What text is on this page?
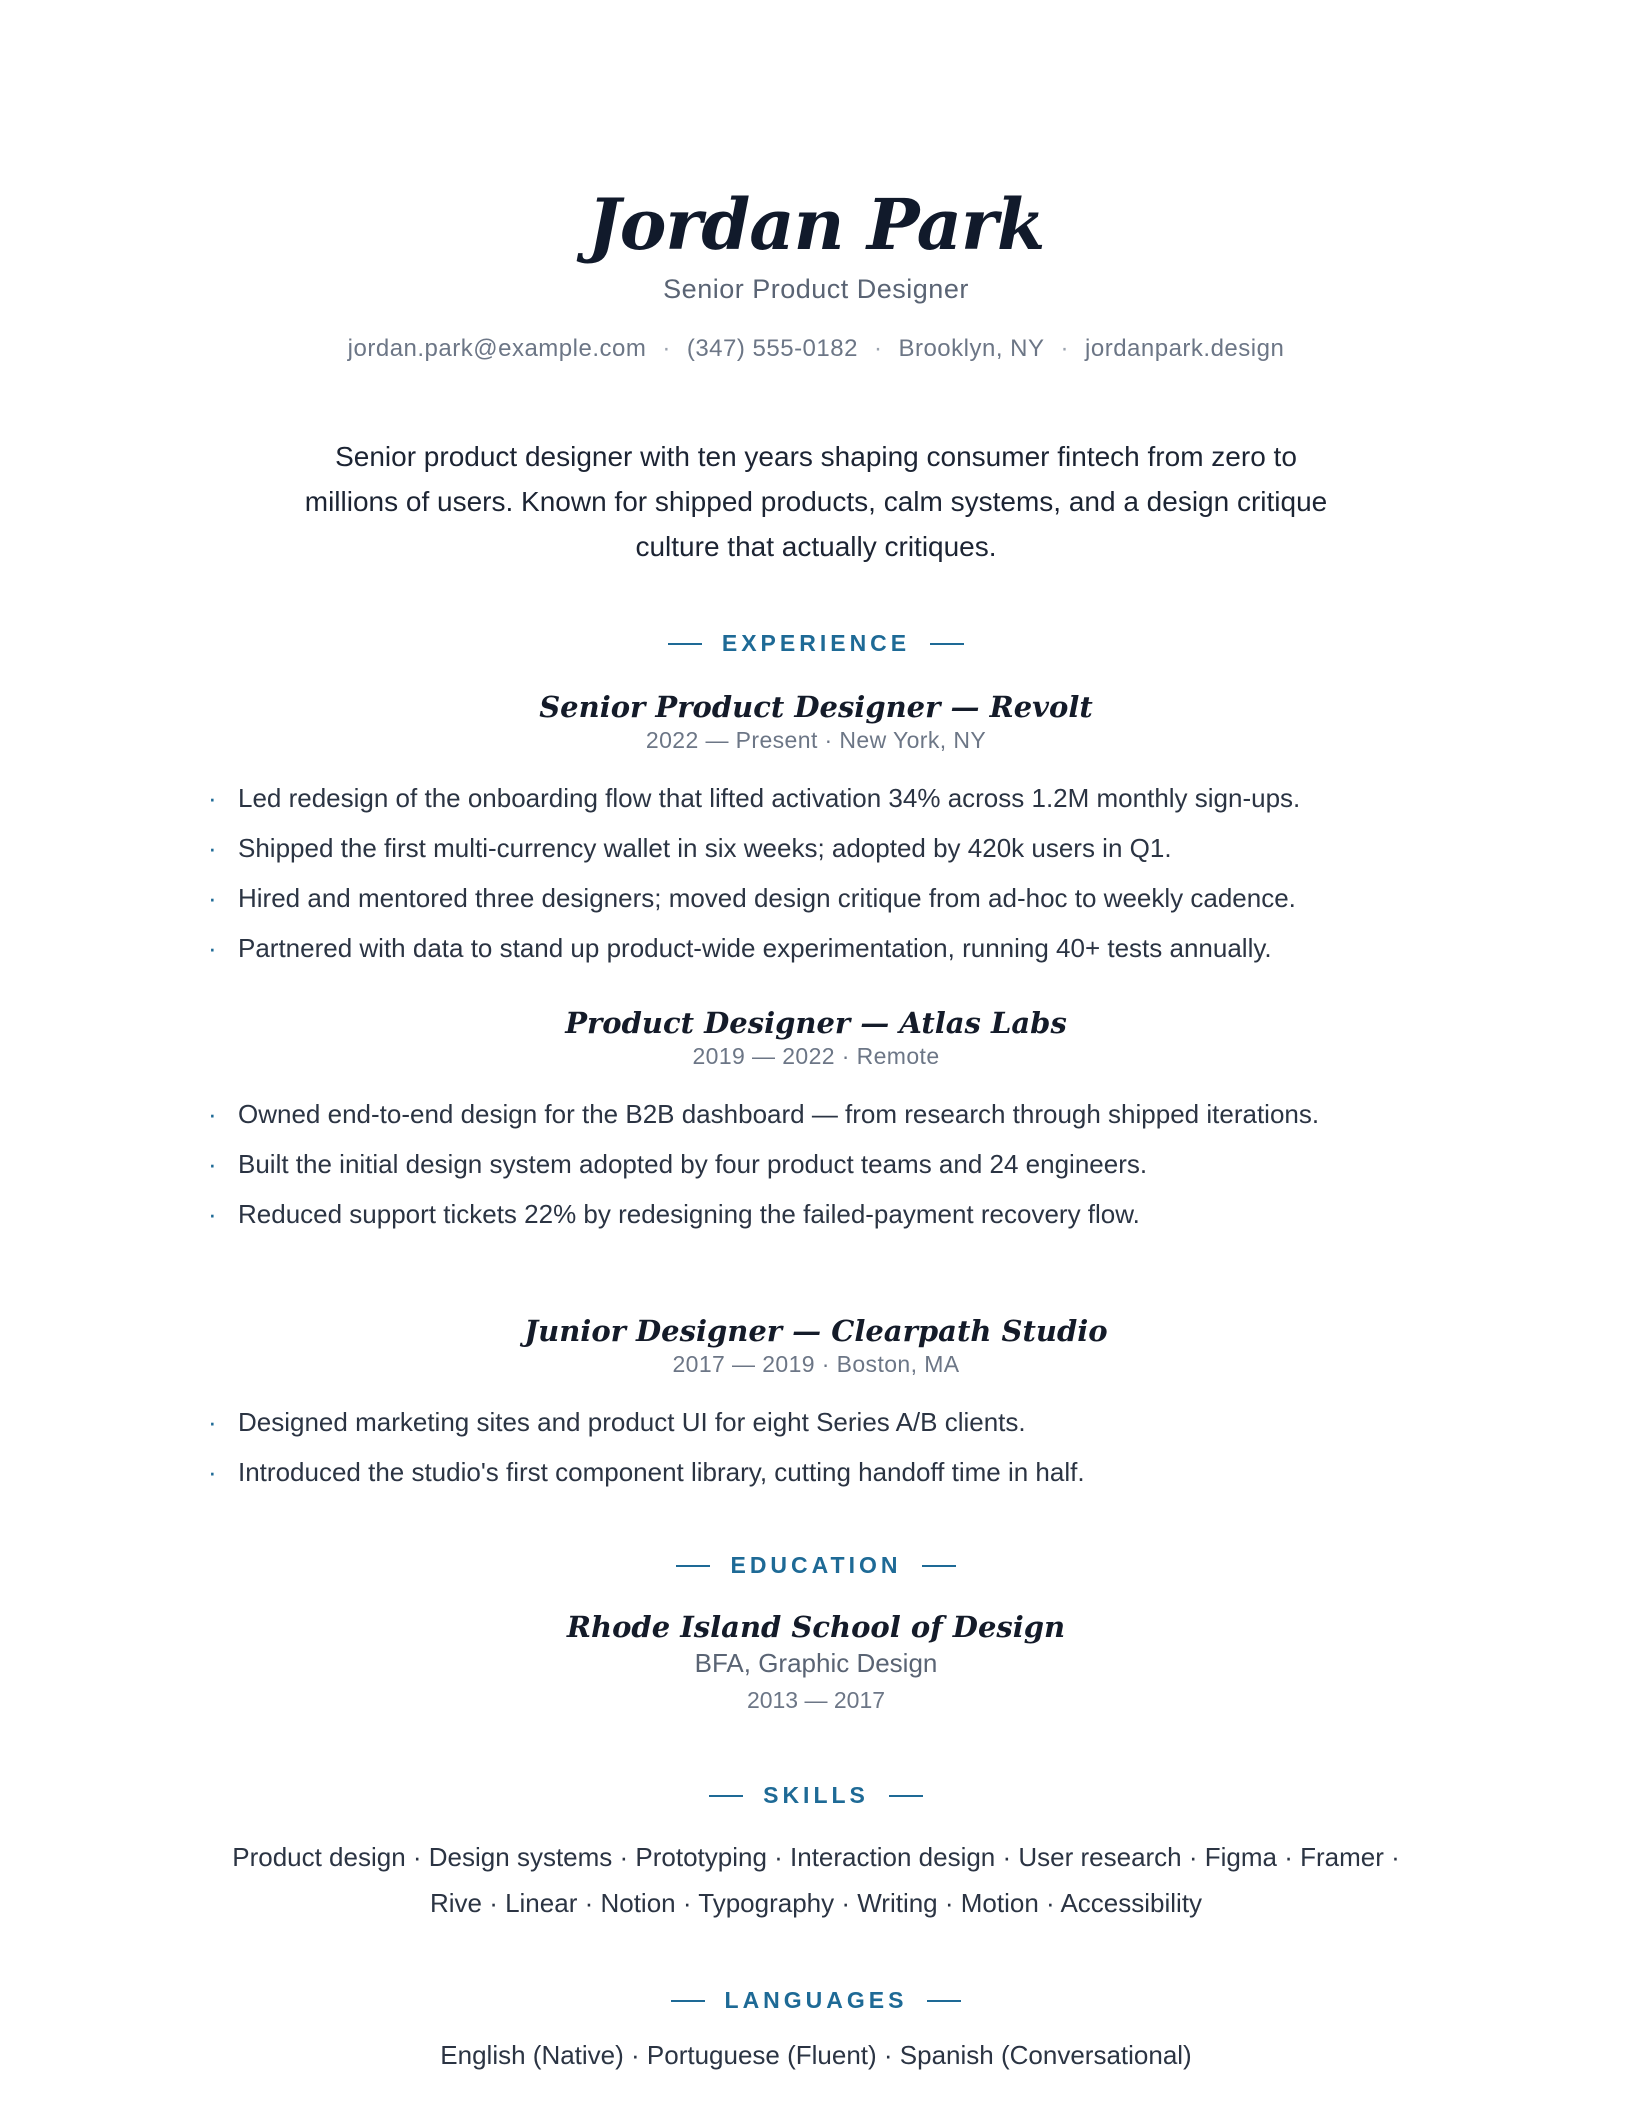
Jordan Park
Senior Product Designer
jordan.park@example.com · (347) 555-0182 · Brooklyn, NY · jordanpark.design
Senior product designer with ten years shaping consumer fintech from zero to millions of users. Known for shipped products, calm systems, and a design critique culture that actually critiques.
EXPERIENCE
Senior Product Designer — Revolt
2022 — Present · New York, NY
· Led redesign of the onboarding flow that lifted activation 34% across 1.2M monthly sign-ups.
· Shipped the first multi-currency wallet in six weeks; adopted by 420k users in Q1.
· Hired and mentored three designers; moved design critique from ad-hoc to weekly cadence.
· Partnered with data to stand up product-wide experimentation, running 40+ tests annually.
Product Designer — Atlas Labs
2019 — 2022 · Remote
· Owned end-to-end design for the B2B dashboard — from research through shipped iterations.
· Built the initial design system adopted by four product teams and 24 engineers.
· Reduced support tickets 22% by redesigning the failed-payment recovery flow.
Junior Designer — Clearpath Studio
2017 — 2019 · Boston, MA
· Designed marketing sites and product UI for eight Series A/B clients.
· Introduced the studio's first component library, cutting handoff time in half.
EDUCATION
Rhode Island School of Design
BFA, Graphic Design
2013 — 2017
SKILLS
Product design · Design systems · Prototyping · Interaction design · User research · Figma · Framer · Rive · Linear · Notion · Typography · Writing · Motion · Accessibility
LANGUAGES
English (Native) · Portuguese (Fluent) · Spanish (Conversational)
